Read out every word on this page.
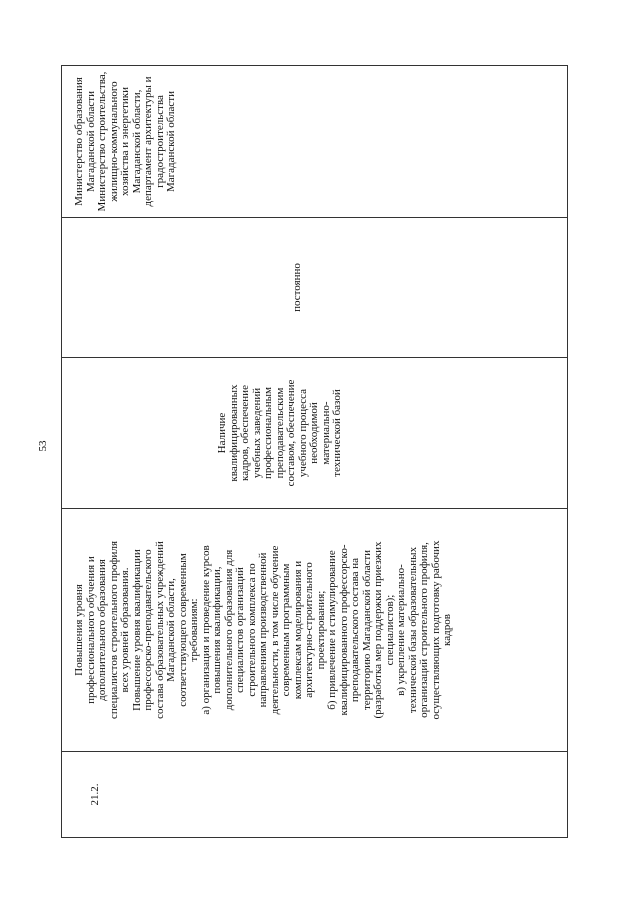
53
21.2.

Повышения уровня
профессионального обучения и
дополнительного образования
специалистов строительного профиля
всех уровней образования.

Повышение уровня квалификации
профессорско-преподавательского
состава образовательных учреждений
Магаданской области,
соответствующего современным
требованиям:

а) организация и проведение курсов
повышения квалификации,
дополнительного образования для
специалистов организаций
строительного комплекса по
направлениям производственной
деятельности, в том числе обучение
современным программным
комплексам моделирования и
архитектурно-строительного
проектирования;

б) привлечение и стимулирование
квалифицированного профессорско-
преподавательского состава на
территорию Магаданской области
(разработка мер поддержки приезжих
специалистов);

в) укрепление материально-
технической базы образовательных
организаций строительного профиля,
осуществляющих подготовку рабочих
кадров

Наличие
квалифицированных
кадров, обеспечение
учебных заведений
профессиональным
преподавательским
составом, обеспечение
учебного процесса
необходимой
материально-
технической базой

постоянно

Министерство образования
Магаданской области
Министерство строительства,
жилищно-коммунального
хозяйства и энергетики
Магаданской области,
департамент архитектуры и
градостроительства
Магаданской области
